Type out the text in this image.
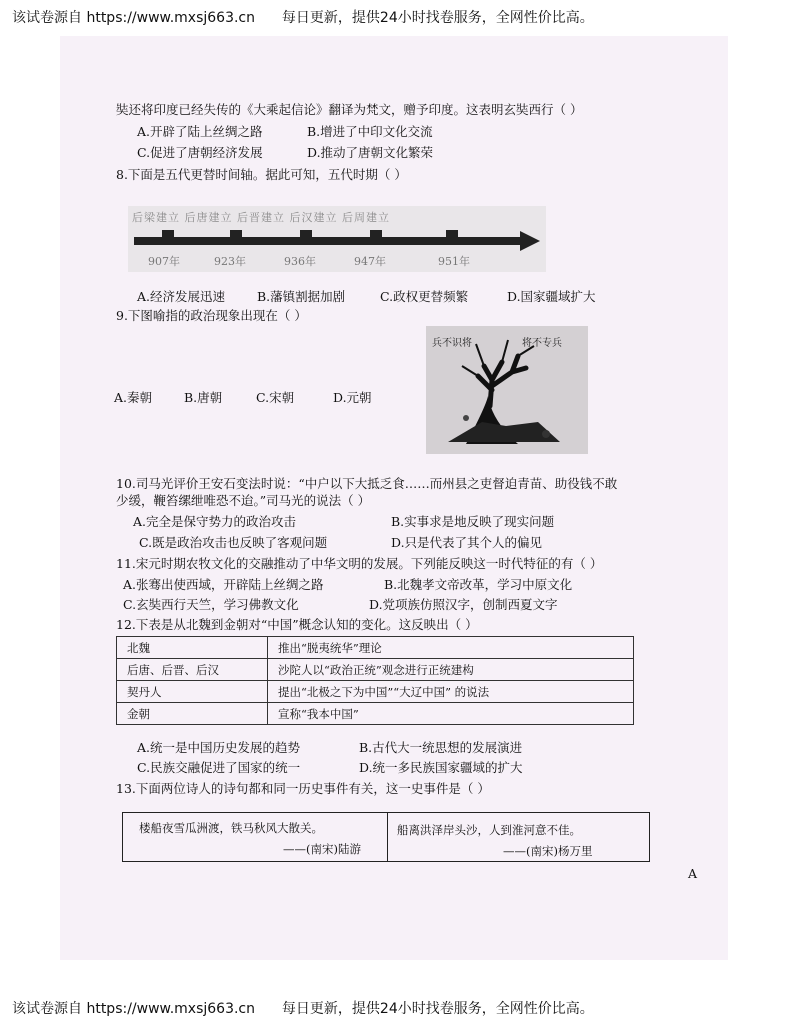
该试卷源自 https://www.mxsj663.cn 每日更新，提供24小时找卷服务，全网性价比高。
奘还将印度已经失传的《大乘起信论》翻译为梵文，赠予印度。这表明玄奘西行（ ）
A.开辟了陆上丝绸之路	B.增进了中印文化交流
C.促进了唐朝经济发展	D.推动了唐朝文化繁荣
8.下面是五代更替时间轴。据此可知，五代时期（ ）
后梁建立 后唐建立 后晋建立 后汉建立 后周建立
907年	923年	936年	947年	951年
A.经济发展迅速	B.藩镇割据加剧	C.政权更替频繁	D.国家疆域扩大
9.下图喻指的政治现象出现在（ ）
A.秦朝	B.唐朝	C.宋朝	D.元朝
兵不识将	将不专兵
10.司马光评价王安石变法时说：“中户以下大抵乏食……而州县之吏督迫青苗、助役钱不敢
少缓，鞭笞缧绁唯恐不迨。”司马光的说法（ ）
A.完全是保守势力的政治攻击	B.实事求是地反映了现实问题
C.既是政治攻击也反映了客观问题	D.只是代表了其个人的偏见
11.宋元时期农牧文化的交融推动了中华文明的发展。下列能反映这一时代特征的有（ ）
A.张骞出使西域，开辟陆上丝绸之路	B.北魏孝文帝改革，学习中原文化
C.玄奘西行天竺，学习佛教文化	D.党项族仿照汉字，创制西夏文字
12.下表是从北魏到金朝对“中国”概念认知的变化。这反映出（ ）
北魏	推出“脱夷统华”理论
后唐、后晋、后汉	沙陀人以“政治正统”观念进行正统建构
契丹人	提出“北极之下为中国”“大辽中国” 的说法
金朝	宣称“我本中国”
A.统一是中国历史发展的趋势	B.古代大一统思想的发展演进
C.民族交融促进了国家的统一	D.统一多民族国家疆域的扩大
13.下面两位诗人的诗句都和同一历史事件有关，这一史事件是（ ）
楼船夜雪瓜洲渡，铁马秋风大散关。
——(南宋)陆游
船离洪泽岸头沙，人到淮河意不佳。
——(南宋)杨万里
A
该试卷源自 https://www.mxsj663.cn 每日更新，提供24小时找卷服务，全网性价比高。
